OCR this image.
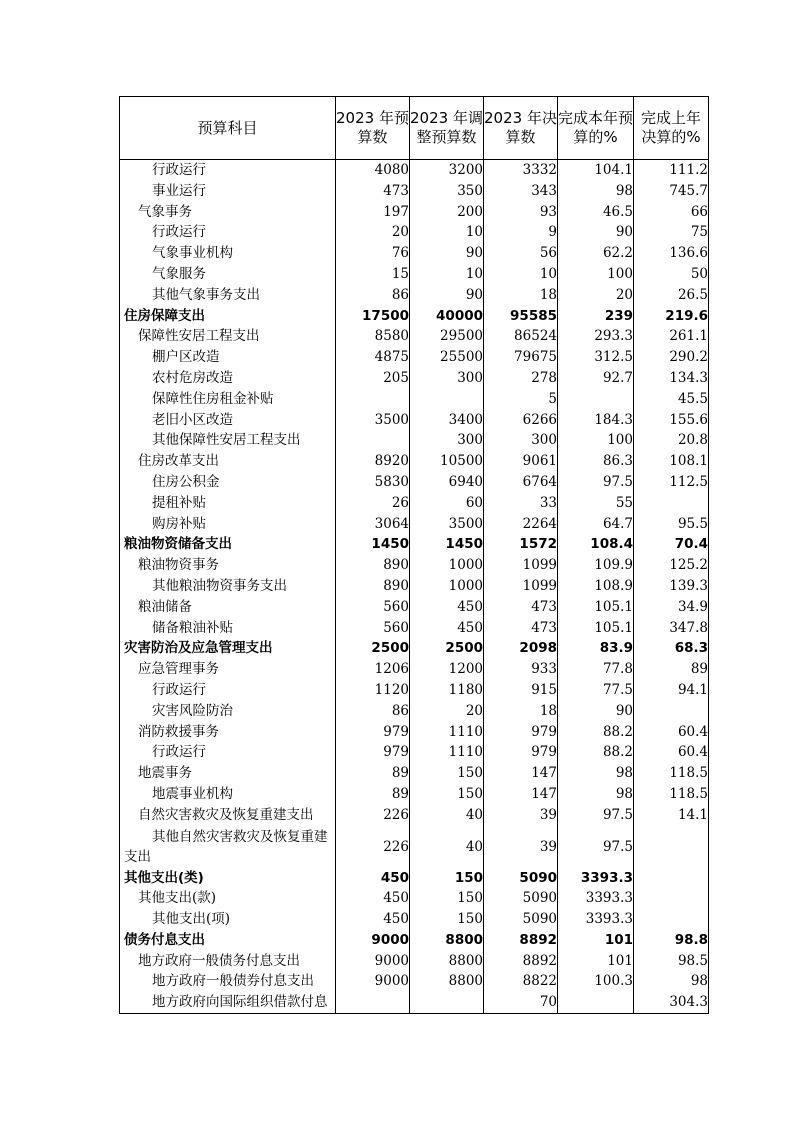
预算科目	2023 年预算数	2023 年调整预算数	2023 年决算数	完成本年预算的%	完成上年决算的%
行政运行	4080	3200	3332	104.1	111.2
事业运行	473	350	343	98	745.7
气象事务	197	200	93	46.5	66
行政运行	20	10	9	90	75
气象事业机构	76	90	56	62.2	136.6
气象服务	15	10	10	100	50
其他气象事务支出	86	90	18	20	26.5
住房保障支出	17500	40000	95585	239	219.6
保障性安居工程支出	8580	29500	86524	293.3	261.1
棚户区改造	4875	25500	79675	312.5	290.2
农村危房改造	205	300	278	92.7	134.3
保障性住房租金补贴			5		45.5
老旧小区改造	3500	3400	6266	184.3	155.6
其他保障性安居工程支出		300	300	100	20.8
住房改革支出	8920	10500	9061	86.3	108.1
住房公积金	5830	6940	6764	97.5	112.5
提租补贴	26	60	33	55	
购房补贴	3064	3500	2264	64.7	95.5
粮油物资储备支出	1450	1450	1572	108.4	70.4
粮油物资事务	890	1000	1099	109.9	125.2
其他粮油物资事务支出	890	1000	1099	108.9	139.3
粮油储备	560	450	473	105.1	34.9
储备粮油补贴	560	450	473	105.1	347.8
灾害防治及应急管理支出	2500	2500	2098	83.9	68.3
应急管理事务	1206	1200	933	77.8	89
行政运行	1120	1180	915	77.5	94.1
灾害风险防治	86	20	18	90	
消防救援事务	979	1110	979	88.2	60.4
行政运行	979	1110	979	88.2	60.4
地震事务	89	150	147	98	118.5
地震事业机构	89	150	147	98	118.5
自然灾害救灾及恢复重建支出	226	40	39	97.5	14.1
其他自然灾害救灾及恢复重建支出	226	40	39	97.5	
其他支出(类)	450	150	5090	3393.3	
其他支出(款)	450	150	5090	3393.3	
其他支出(项)	450	150	5090	3393.3	
债务付息支出	9000	8800	8892	101	98.8
地方政府一般债务付息支出	9000	8800	8892	101	98.5
地方政府一般债券付息支出	9000	8800	8822	100.3	98
地方政府向国际组织借款付息			70		304.3
